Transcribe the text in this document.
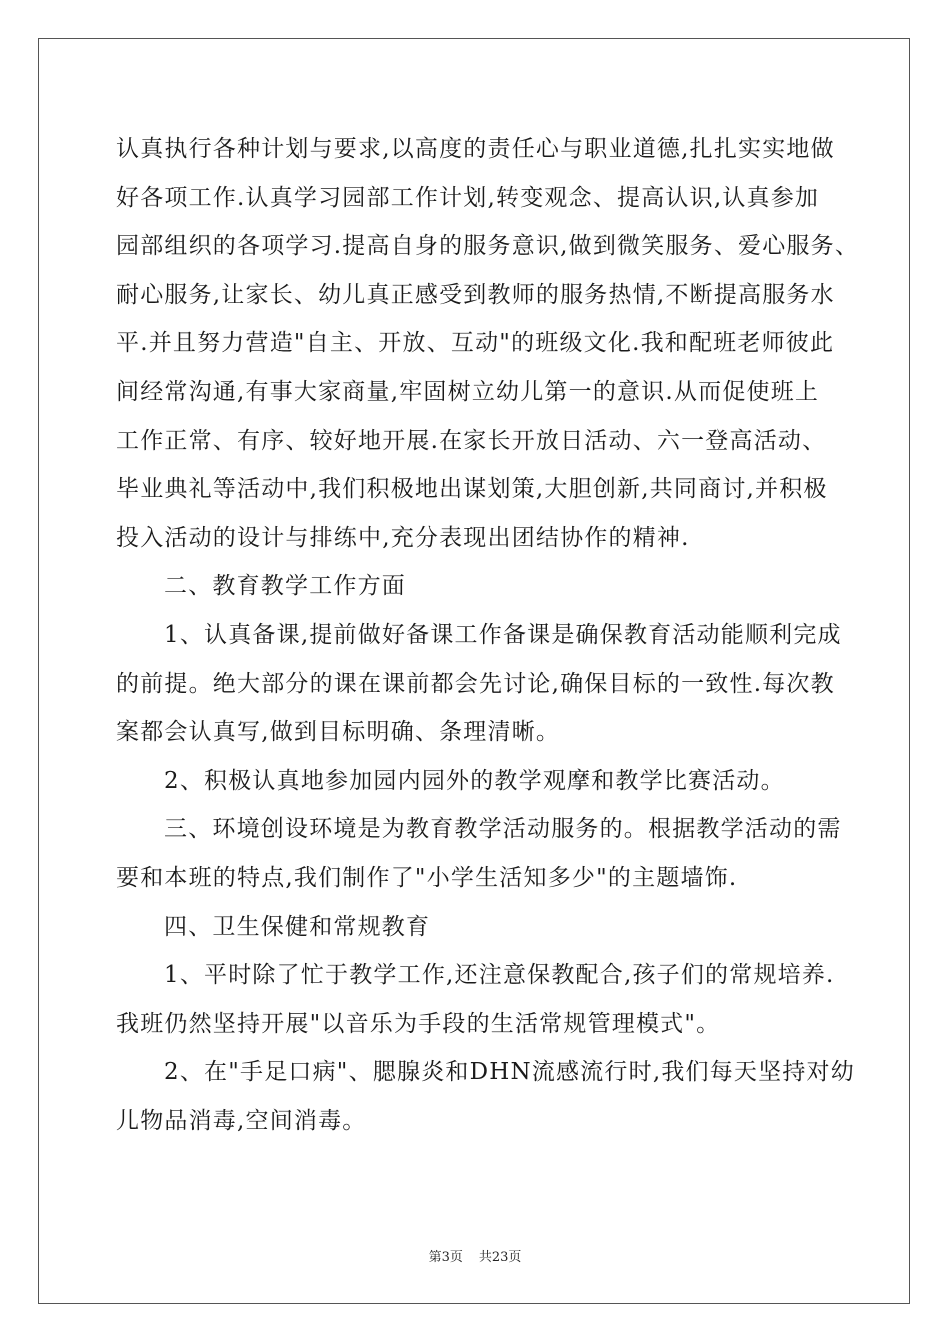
认真执行各种计划与要求,以高度的责任心与职业道德,扎扎实实地做

好各项工作.认真学习园部工作计划,转变观念、提高认识,认真参加

园部组织的各项学习.提高自身的服务意识,做到微笑服务、爱心服务、

耐心服务,让家长、幼儿真正感受到教师的服务热情,不断提高服务水

平.并且努力营造"自主、开放、互动"的班级文化.我和配班老师彼此

间经常沟通,有事大家商量,牢固树立幼儿第一的意识.从而促使班上

工作正常、有序、较好地开展.在家长开放日活动、六一登高活动、

毕业典礼等活动中,我们积极地出谋划策,大胆创新,共同商讨,并积极

投入活动的设计与排练中,充分表现出团结协作的精神.

二、教育教学工作方面

1、认真备课,提前做好备课工作备课是确保教育活动能顺利完成

的前提。绝大部分的课在课前都会先讨论,确保目标的一致性.每次教

案都会认真写,做到目标明确、条理清晰。

2、积极认真地参加园内园外的教学观摩和教学比赛活动。

三、环境创设环境是为教育教学活动服务的。根据教学活动的需

要和本班的特点,我们制作了"小学生活知多少"的主题墙饰.

四、卫生保健和常规教育

1、平时除了忙于教学工作,还注意保教配合,孩子们的常规培养.

我班仍然坚持开展"以音乐为手段的生活常规管理模式"。

2、在"手足口病"、腮腺炎和DHN流感流行时,我们每天坚持对幼

儿物品消毒,空间消毒。

第3页 共23页
